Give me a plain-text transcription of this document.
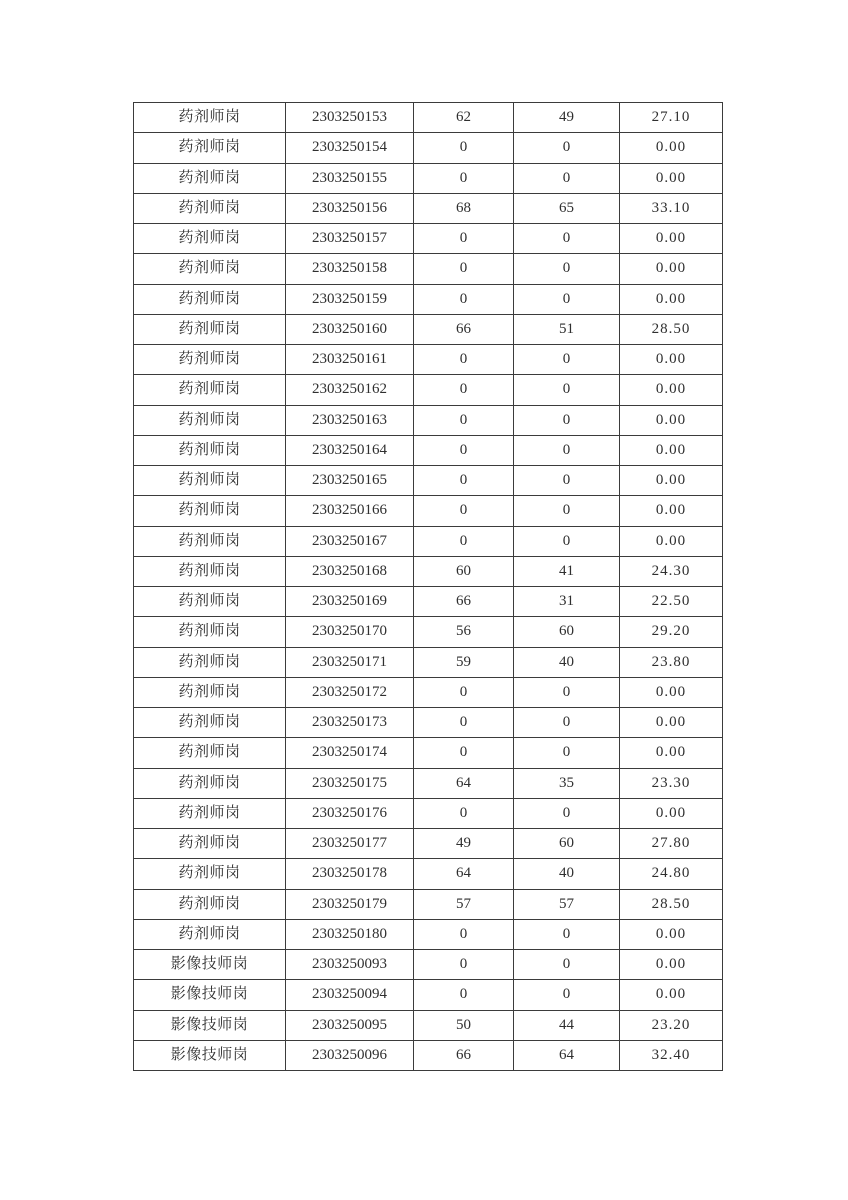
药剂师岗	2303250153	62	49	27.10
药剂师岗	2303250154	0	0	0.00
药剂师岗	2303250155	0	0	0.00
药剂师岗	2303250156	68	65	33.10
药剂师岗	2303250157	0	0	0.00
药剂师岗	2303250158	0	0	0.00
药剂师岗	2303250159	0	0	0.00
药剂师岗	2303250160	66	51	28.50
药剂师岗	2303250161	0	0	0.00
药剂师岗	2303250162	0	0	0.00
药剂师岗	2303250163	0	0	0.00
药剂师岗	2303250164	0	0	0.00
药剂师岗	2303250165	0	0	0.00
药剂师岗	2303250166	0	0	0.00
药剂师岗	2303250167	0	0	0.00
药剂师岗	2303250168	60	41	24.30
药剂师岗	2303250169	66	31	22.50
药剂师岗	2303250170	56	60	29.20
药剂师岗	2303250171	59	40	23.80
药剂师岗	2303250172	0	0	0.00
药剂师岗	2303250173	0	0	0.00
药剂师岗	2303250174	0	0	0.00
药剂师岗	2303250175	64	35	23.30
药剂师岗	2303250176	0	0	0.00
药剂师岗	2303250177	49	60	27.80
药剂师岗	2303250178	64	40	24.80
药剂师岗	2303250179	57	57	28.50
药剂师岗	2303250180	0	0	0.00
影像技师岗	2303250093	0	0	0.00
影像技师岗	2303250094	0	0	0.00
影像技师岗	2303250095	50	44	23.20
影像技师岗	2303250096	66	64	32.40
